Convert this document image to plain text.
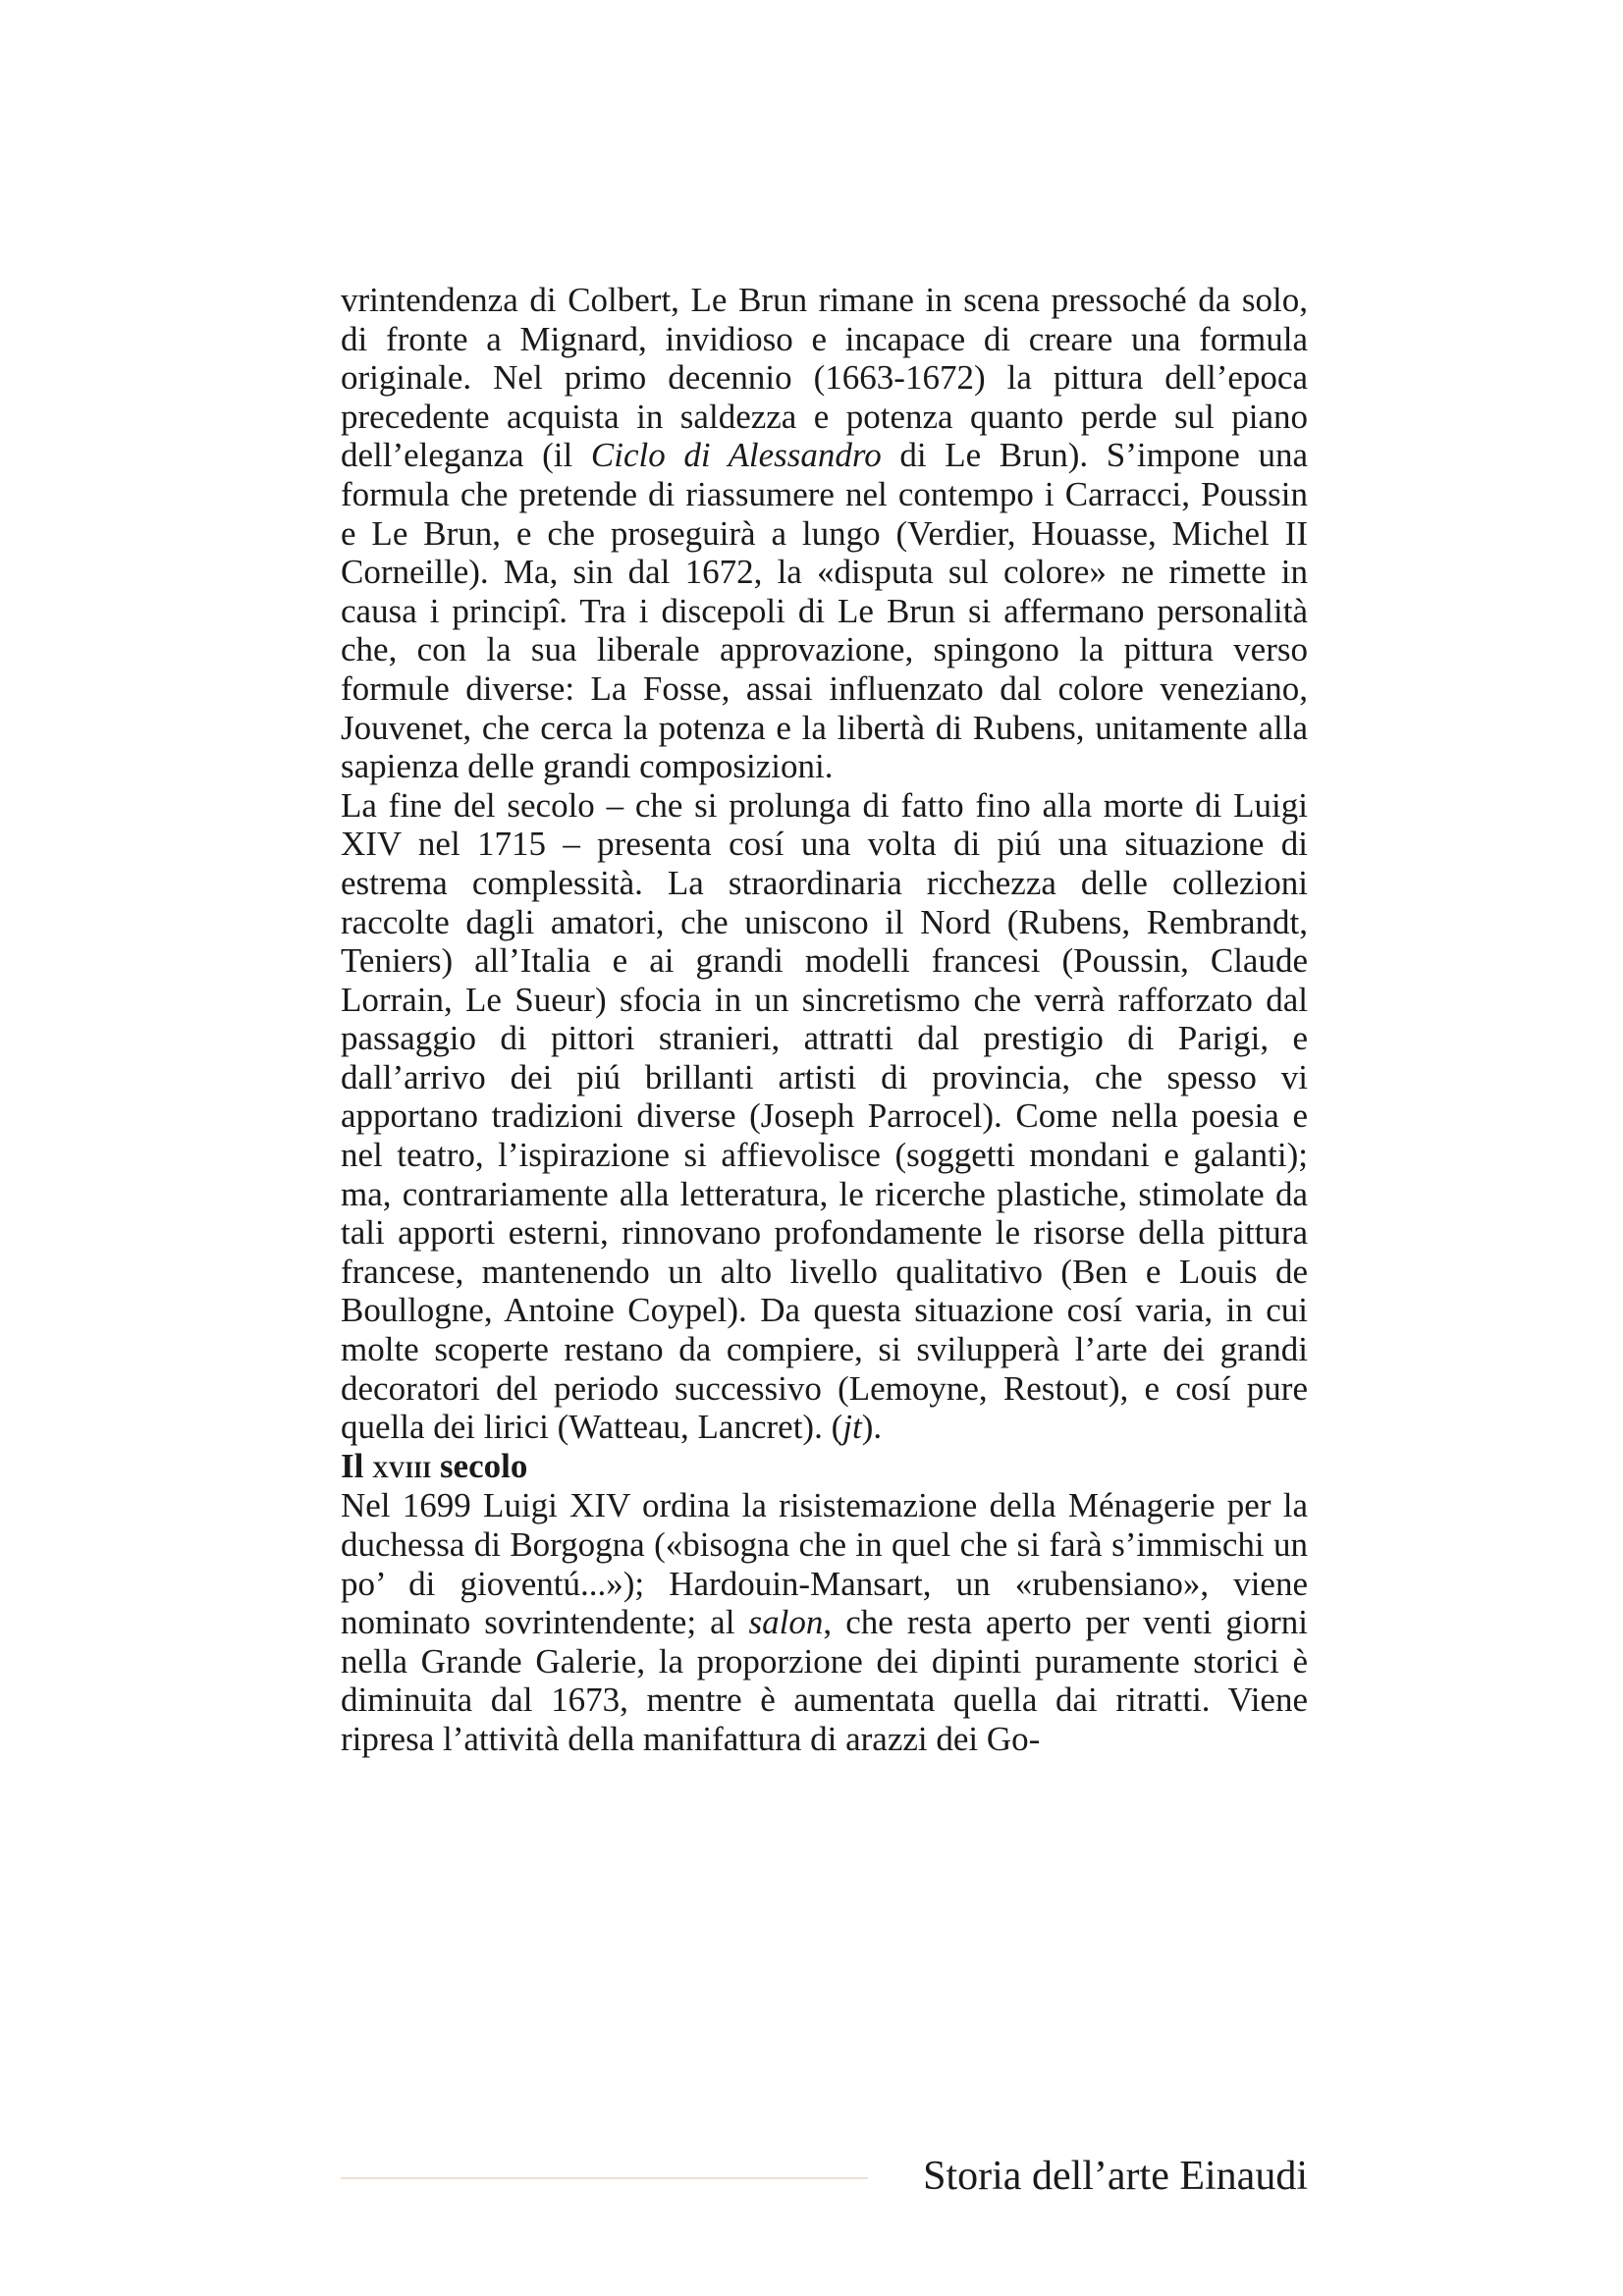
vrintendenza di Colbert, Le Brun rimane in scena pressoché da solo, di fronte a Mignard, invidioso e incapace di creare una formula originale. Nel primo decennio (1663-1672) la pittura dell’epoca precedente acquista in saldezza e potenza quanto perde sul piano dell’eleganza (il Ciclo di Alessandro di Le Brun). S’impone una formula che pretende di riassumere nel contempo i Carracci, Poussin e Le Brun, e che proseguirà a lungo (Verdier, Houasse, Michel II Corneille). Ma, sin dal 1672, la «disputa sul colore» ne rimette in causa i principî. Tra i discepoli di Le Brun si affermano personalità che, con la sua liberale approvazione, spingono la pittura verso formule diverse: La Fosse, assai influenzato dal colore veneziano, Jouvenet, che cerca la potenza e la libertà di Rubens, unitamente alla sapienza delle grandi composizioni.

La fine del secolo – che si prolunga di fatto fino alla morte di Luigi XIV nel 1715 – presenta cosí una volta di piú una situazione di estrema complessità. La straordinaria ricchezza delle collezioni raccolte dagli amatori, che uniscono il Nord (Rubens, Rembrandt, Teniers) all’Italia e ai grandi modelli francesi (Poussin, Claude Lorrain, Le Sueur) sfocia in un sincretismo che verrà rafforzato dal passaggio di pittori stranieri, attratti dal prestigio di Parigi, e dall’arrivo dei piú brillanti artisti di provincia, che spesso vi apportano tradizioni diverse (Joseph Parrocel). Come nella poesia e nel teatro, l’ispirazione si affievolisce (soggetti mondani e galanti); ma, contrariamente alla letteratura, le ricerche plastiche, stimolate da tali apporti esterni, rinnovano profondamente le risorse della pittura francese, mantenendo un alto livello qualitativo (Ben e Louis de Boullogne, Antoine Coypel). Da questa situazione cosí varia, in cui molte scoperte restano da compiere, si svilupperà l’arte dei grandi decoratori del periodo successivo (Lemoyne, Restout), e cosí pure quella dei lirici (Watteau, Lancret). (jt).

Il xviii secolo

Nel 1699 Luigi XIV ordina la risistemazione della Ménagerie per la duchessa di Borgogna («bisogna che in quel che si farà s’immischi un po’ di gioventú...»); Hardouin-Mansart, un «rubensiano», viene nominato sovrintendente; al salon, che resta aperto per venti giorni nella Grande Galerie, la proporzione dei dipinti puramente storici è diminuita dal 1673, mentre è aumentata quella dai ritratti. Viene ripresa l’attività della manifattura di arazzi dei Go-

Storia dell’arte Einaudi
